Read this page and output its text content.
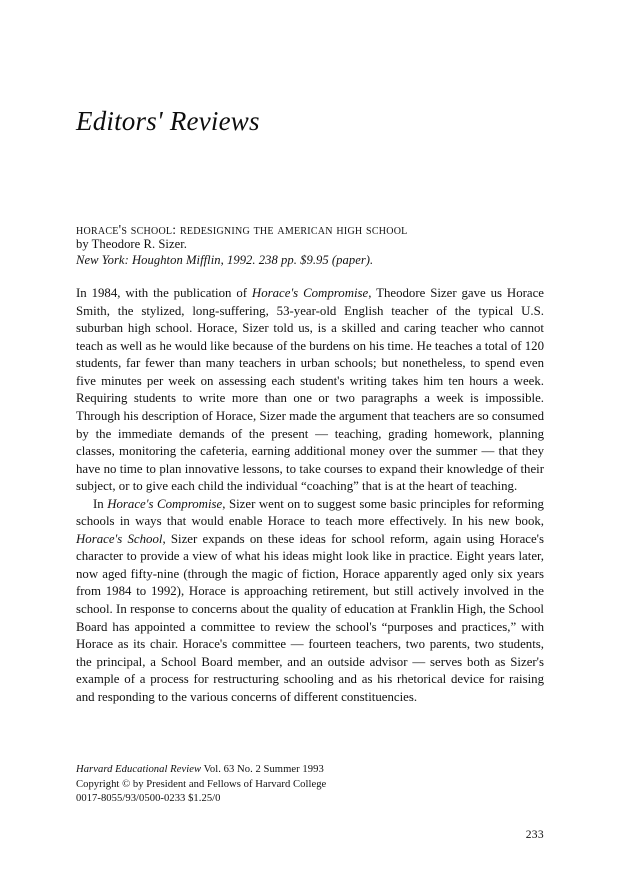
Editors' Reviews
horace's school: redesigning the american high school
by Theodore R. Sizer.
New York: Houghton Mifflin, 1992. 238 pp. $9.95 (paper).

In 1984, with the publication of Horace's Compromise, Theodore Sizer gave us Horace Smith, the stylized, long-suffering, 53-year-old English teacher of the typical U.S. suburban high school. Horace, Sizer told us, is a skilled and caring teacher who cannot teach as well as he would like because of the burdens on his time. He teaches a total of 120 students, far fewer than many teachers in urban schools; but nonetheless, to spend even five minutes per week on assessing each student's writing takes him ten hours a week. Requiring students to write more than one or two paragraphs a week is impossible. Through his description of Horace, Sizer made the argument that teachers are so consumed by the immediate demands of the present — teaching, grading homework, planning classes, monitoring the cafeteria, earning additional money over the summer — that they have no time to plan innovative lessons, to take courses to expand their knowledge of their subject, or to give each child the individual “coaching” that is at the heart of teaching.

In Horace's Compromise, Sizer went on to suggest some basic principles for reforming schools in ways that would enable Horace to teach more effectively. In his new book, Horace's School, Sizer expands on these ideas for school reform, again using Horace's character to provide a view of what his ideas might look like in practice. Eight years later, now aged fifty-nine (through the magic of fiction, Horace apparently aged only six years from 1984 to 1992), Horace is approaching retirement, but still actively involved in the school. In response to concerns about the quality of education at Franklin High, the School Board has appointed a committee to review the school's “purposes and practices,” with Horace as its chair. Horace's committee — fourteen teachers, two parents, two students, the principal, a School Board member, and an outside advisor — serves both as Sizer's example of a process for restructuring schooling and as his rhetorical device for raising and responding to the various concerns of different constituencies.

Harvard Educational Review Vol. 63 No. 2 Summer 1993
Copyright © by President and Fellows of Harvard College
0017-8055/93/0500-0233 $1.25/0
233
